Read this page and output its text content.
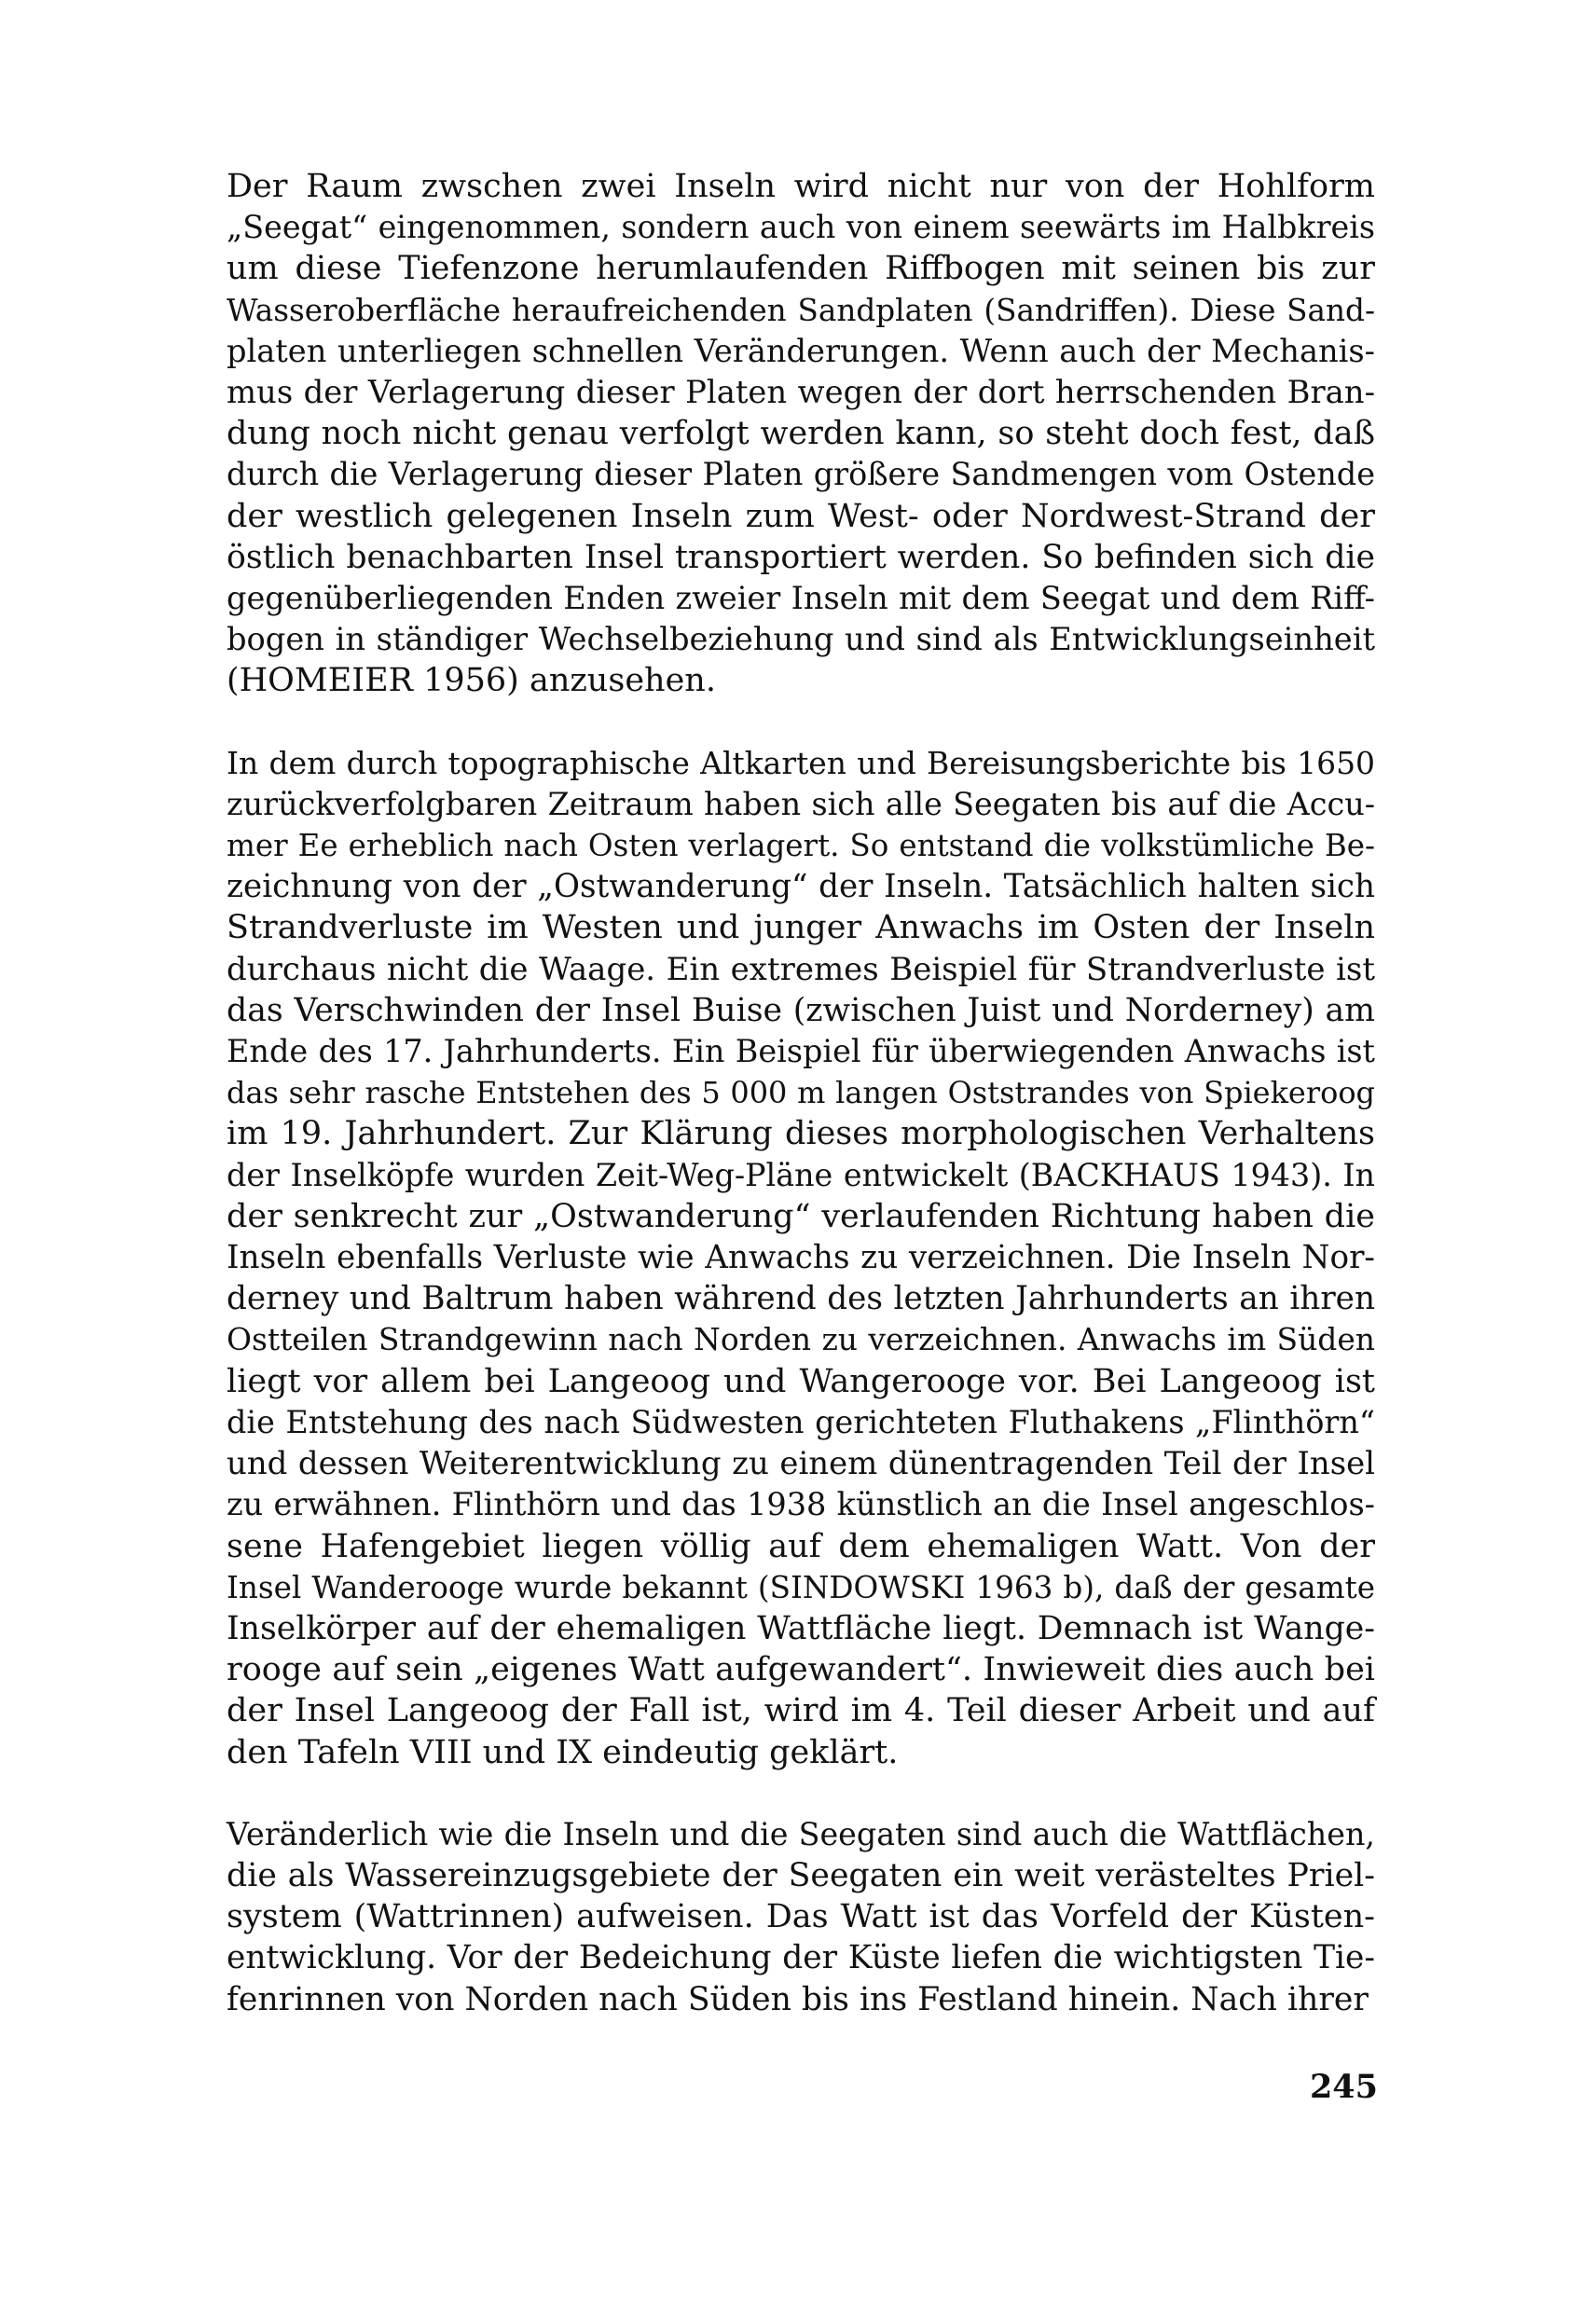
Der Raum zwschen zwei Inseln wird nicht nur von der Hohlform
„Seegat“ eingenommen, sondern auch von einem seewärts im Halbkreis
um diese Tiefenzone herumlaufenden Riffbogen mit seinen bis zur
Wasseroberfläche heraufreichenden Sandplaten (Sandriffen). Diese Sand-
platen unterliegen schnellen Veränderungen. Wenn auch der Mechanis-
mus der Verlagerung dieser Platen wegen der dort herrschenden Bran-
dung noch nicht genau verfolgt werden kann, so steht doch fest, daß
durch die Verlagerung dieser Platen größere Sandmengen vom Ostende
der westlich gelegenen Inseln zum West- oder Nordwest-Strand der
östlich benachbarten Insel transportiert werden. So befinden sich die
gegenüberliegenden Enden zweier Inseln mit dem Seegat und dem Riff-
bogen in ständiger Wechselbeziehung und sind als Entwicklungseinheit
(HOMEIER 1956) anzusehen.
In dem durch topographische Altkarten und Bereisungsberichte bis 1650
zurückverfolgbaren Zeitraum haben sich alle Seegaten bis auf die Accu-
mer Ee erheblich nach Osten verlagert. So entstand die volkstümliche Be-
zeichnung von der „Ostwanderung“ der Inseln. Tatsächlich halten sich
Strandverluste im Westen und junger Anwachs im Osten der Inseln
durchaus nicht die Waage. Ein extremes Beispiel für Strandverluste ist
das Verschwinden der Insel Buise (zwischen Juist und Norderney) am
Ende des 17. Jahrhunderts. Ein Beispiel für überwiegenden Anwachs ist
das sehr rasche Entstehen des 5 000 m langen Oststrandes von Spiekeroog
im 19. Jahrhundert. Zur Klärung dieses morphologischen Verhaltens
der Inselköpfe wurden Zeit-Weg-Pläne entwickelt (BACKHAUS 1943). In
der senkrecht zur „Ostwanderung“ verlaufenden Richtung haben die
Inseln ebenfalls Verluste wie Anwachs zu verzeichnen. Die Inseln Nor-
derney und Baltrum haben während des letzten Jahrhunderts an ihren
Ostteilen Strandgewinn nach Norden zu verzeichnen. Anwachs im Süden
liegt vor allem bei Langeoog und Wangerooge vor. Bei Langeoog ist
die Entstehung des nach Südwesten gerichteten Fluthakens „Flinthörn“
und dessen Weiterentwicklung zu einem dünentragenden Teil der Insel
zu erwähnen. Flinthörn und das 1938 künstlich an die Insel angeschlos-
sene Hafengebiet liegen völlig auf dem ehemaligen Watt. Von der
Insel Wanderooge wurde bekannt (SINDOWSKI 1963 b), daß der gesamte
Inselkörper auf der ehemaligen Wattfläche liegt. Demnach ist Wange-
rooge auf sein „eigenes Watt aufgewandert“. Inwieweit dies auch bei
der Insel Langeoog der Fall ist, wird im 4. Teil dieser Arbeit und auf
den Tafeln VIII und IX eindeutig geklärt.
Veränderlich wie die Inseln und die Seegaten sind auch die Wattflächen,
die als Wassereinzugsgebiete der Seegaten ein weit verästeltes Priel-
system (Wattrinnen) aufweisen. Das Watt ist das Vorfeld der Küsten-
entwicklung. Vor der Bedeichung der Küste liefen die wichtigsten Tie-
fenrinnen von Norden nach Süden bis ins Festland hinein. Nach ihrer
245
